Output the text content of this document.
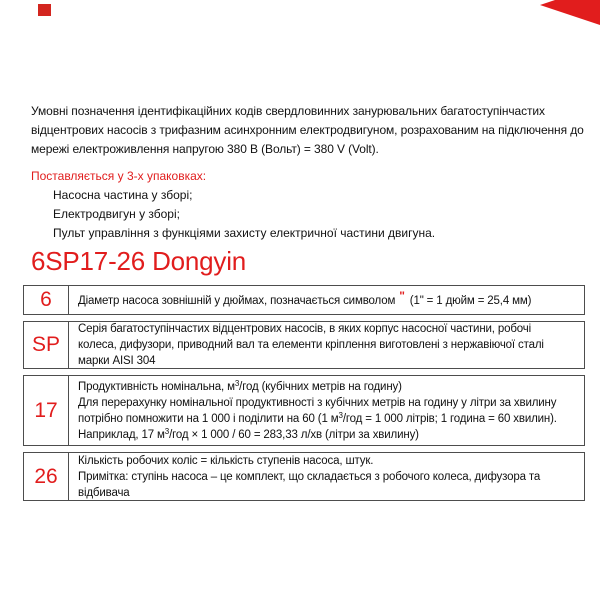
Умовні позначення ідентифікаційних кодів свердловинних занурювальних багатоступінчастих
відцентрових насосів з трифазним асинхронним електродвигуном, розрахованим на підключення до
мережі електроживлення напругою 380 В (Вольт) = 380 V (Volt).
Поставляється у 3-х упаковках:
Насосна частина у зборі;
Електродвигун у зборі;
Пульт управління з функціями захисту електричної частини двигуна.
6SP17-26 Dongyin
6	Діаметр насоса зовнішній у дюймах, позначається символом " (1" = 1 дюйм = 25,4 мм)
SP
Серія багатоступінчастих відцентрових насосів, в яких корпус насосної частини, робочі
колеса, дифузори, приводний вал та елементи кріплення виготовлені з нержавіючої сталі
марки AISI 304
17
Продуктивність номінальна, $м^3$/год (кубічних метрів на годину)
Для перерахунку номінальної продуктивності з кубічних метрів на годину у літри за хвилину
потрібно помножити на 1 000 і поділити на 60 (1 $м^3$/год = 1 000 літрів; 1 година = 60 хвилин).
Наприклад, 17 $м^3$/год × 1 000 / 60 = 283,33 л/хв (літри за хвилину)
26
Кількість робочих коліс = кількість ступенів насоса, штук.
Примітка: ступінь насоса – це комплект, що складається з робочого колеса, дифузора та
відбивача
